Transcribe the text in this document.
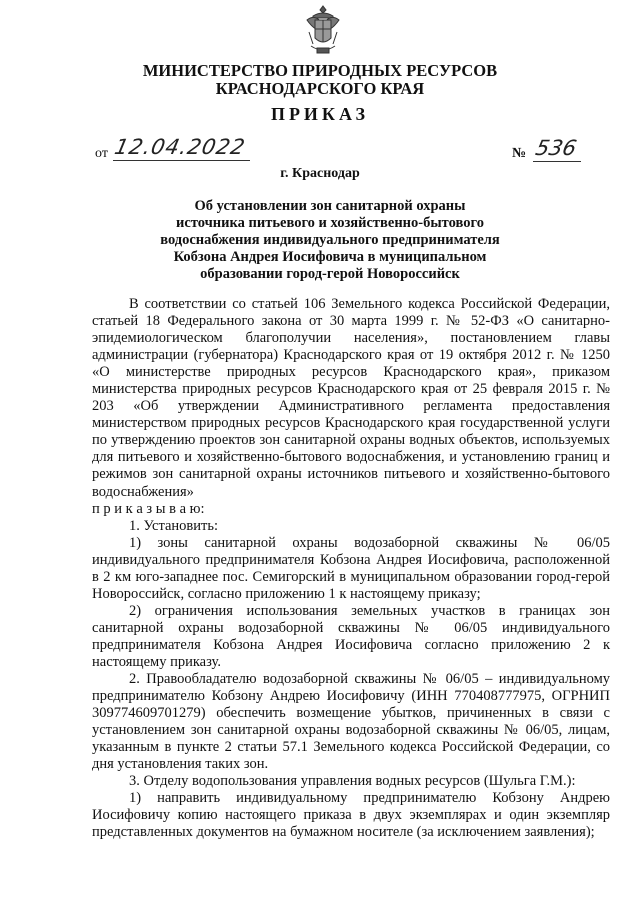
МИНИСТЕРСТВО ПРИРОДНЫХ РЕСУРСОВ
КРАСНОДАРСКОГО КРАЯ
ПРИКАЗ
от 12.04.2022	№ 536
г. Краснодар
Об установлении зон санитарной охраны
источника питьевого и хозяйственно-бытового
водоснабжения индивидуального предпринимателя
Кобзона Андрея Иосифовича в муниципальном
образовании город-герой Новороссийск

В соответствии со статьей 106 Земельного кодекса Российской Федерации, статьей 18 Федерального закона от 30 марта 1999 г. № 52-ФЗ «О санитарно-эпидемиологическом благополучии населения», постановлением главы администрации (губернатора) Краснодарского края от 19 октября 2012 г. № 1250 «О министерстве природных ресурсов Краснодарского края», приказом министерства природных ресурсов Краснодарского края от 25 февраля 2015 г. № 203 «Об утверждении Административного регламента предоставления министерством природных ресурсов Краснодарского края государственной услуги по утверждению проектов зон санитарной охраны водных объектов, используемых для питьевого и хозяйственно-бытового водоснабжения, и установлению границ и режимов зон санитарной охраны источников питьевого и хозяйственно-бытового водоснабжения»

п р и к а з ы в а ю:

1. Установить:

1) зоны санитарной охраны водозаборной скважины № 06/05 индивидуального предпринимателя Кобзона Андрея Иосифовича, расположенной в 2 км юго-западнее пос. Семигорский в муниципальном образовании город-герой Новороссийск, согласно приложению 1 к настоящему приказу;

2) ограничения использования земельных участков в границах зон санитарной охраны водозаборной скважины № 06/05 индивидуального предпринимателя Кобзона Андрея Иосифовича согласно приложению 2 к настоящему приказу.

2. Правообладателю водозаборной скважины № 06/05 – индивидуальному предпринимателю Кобзону Андрею Иосифовичу (ИНН 770408777975, ОГРНИП 309774609701279) обеспечить возмещение убытков, причиненных в связи с установлением зон санитарной охраны водозаборной скважины № 06/05, лицам, указанным в пункте 2 статьи 57.1 Земельного кодекса Российской Федерации, со дня установления таких зон.

3. Отделу водопользования управления водных ресурсов (Шульга Г.М.):

1) направить индивидуальному предпринимателю Кобзону Андрею Иосифовичу копию настоящего приказа в двух экземплярах и один экземпляр представленных документов на бумажном носителе (за исключением заявления);
